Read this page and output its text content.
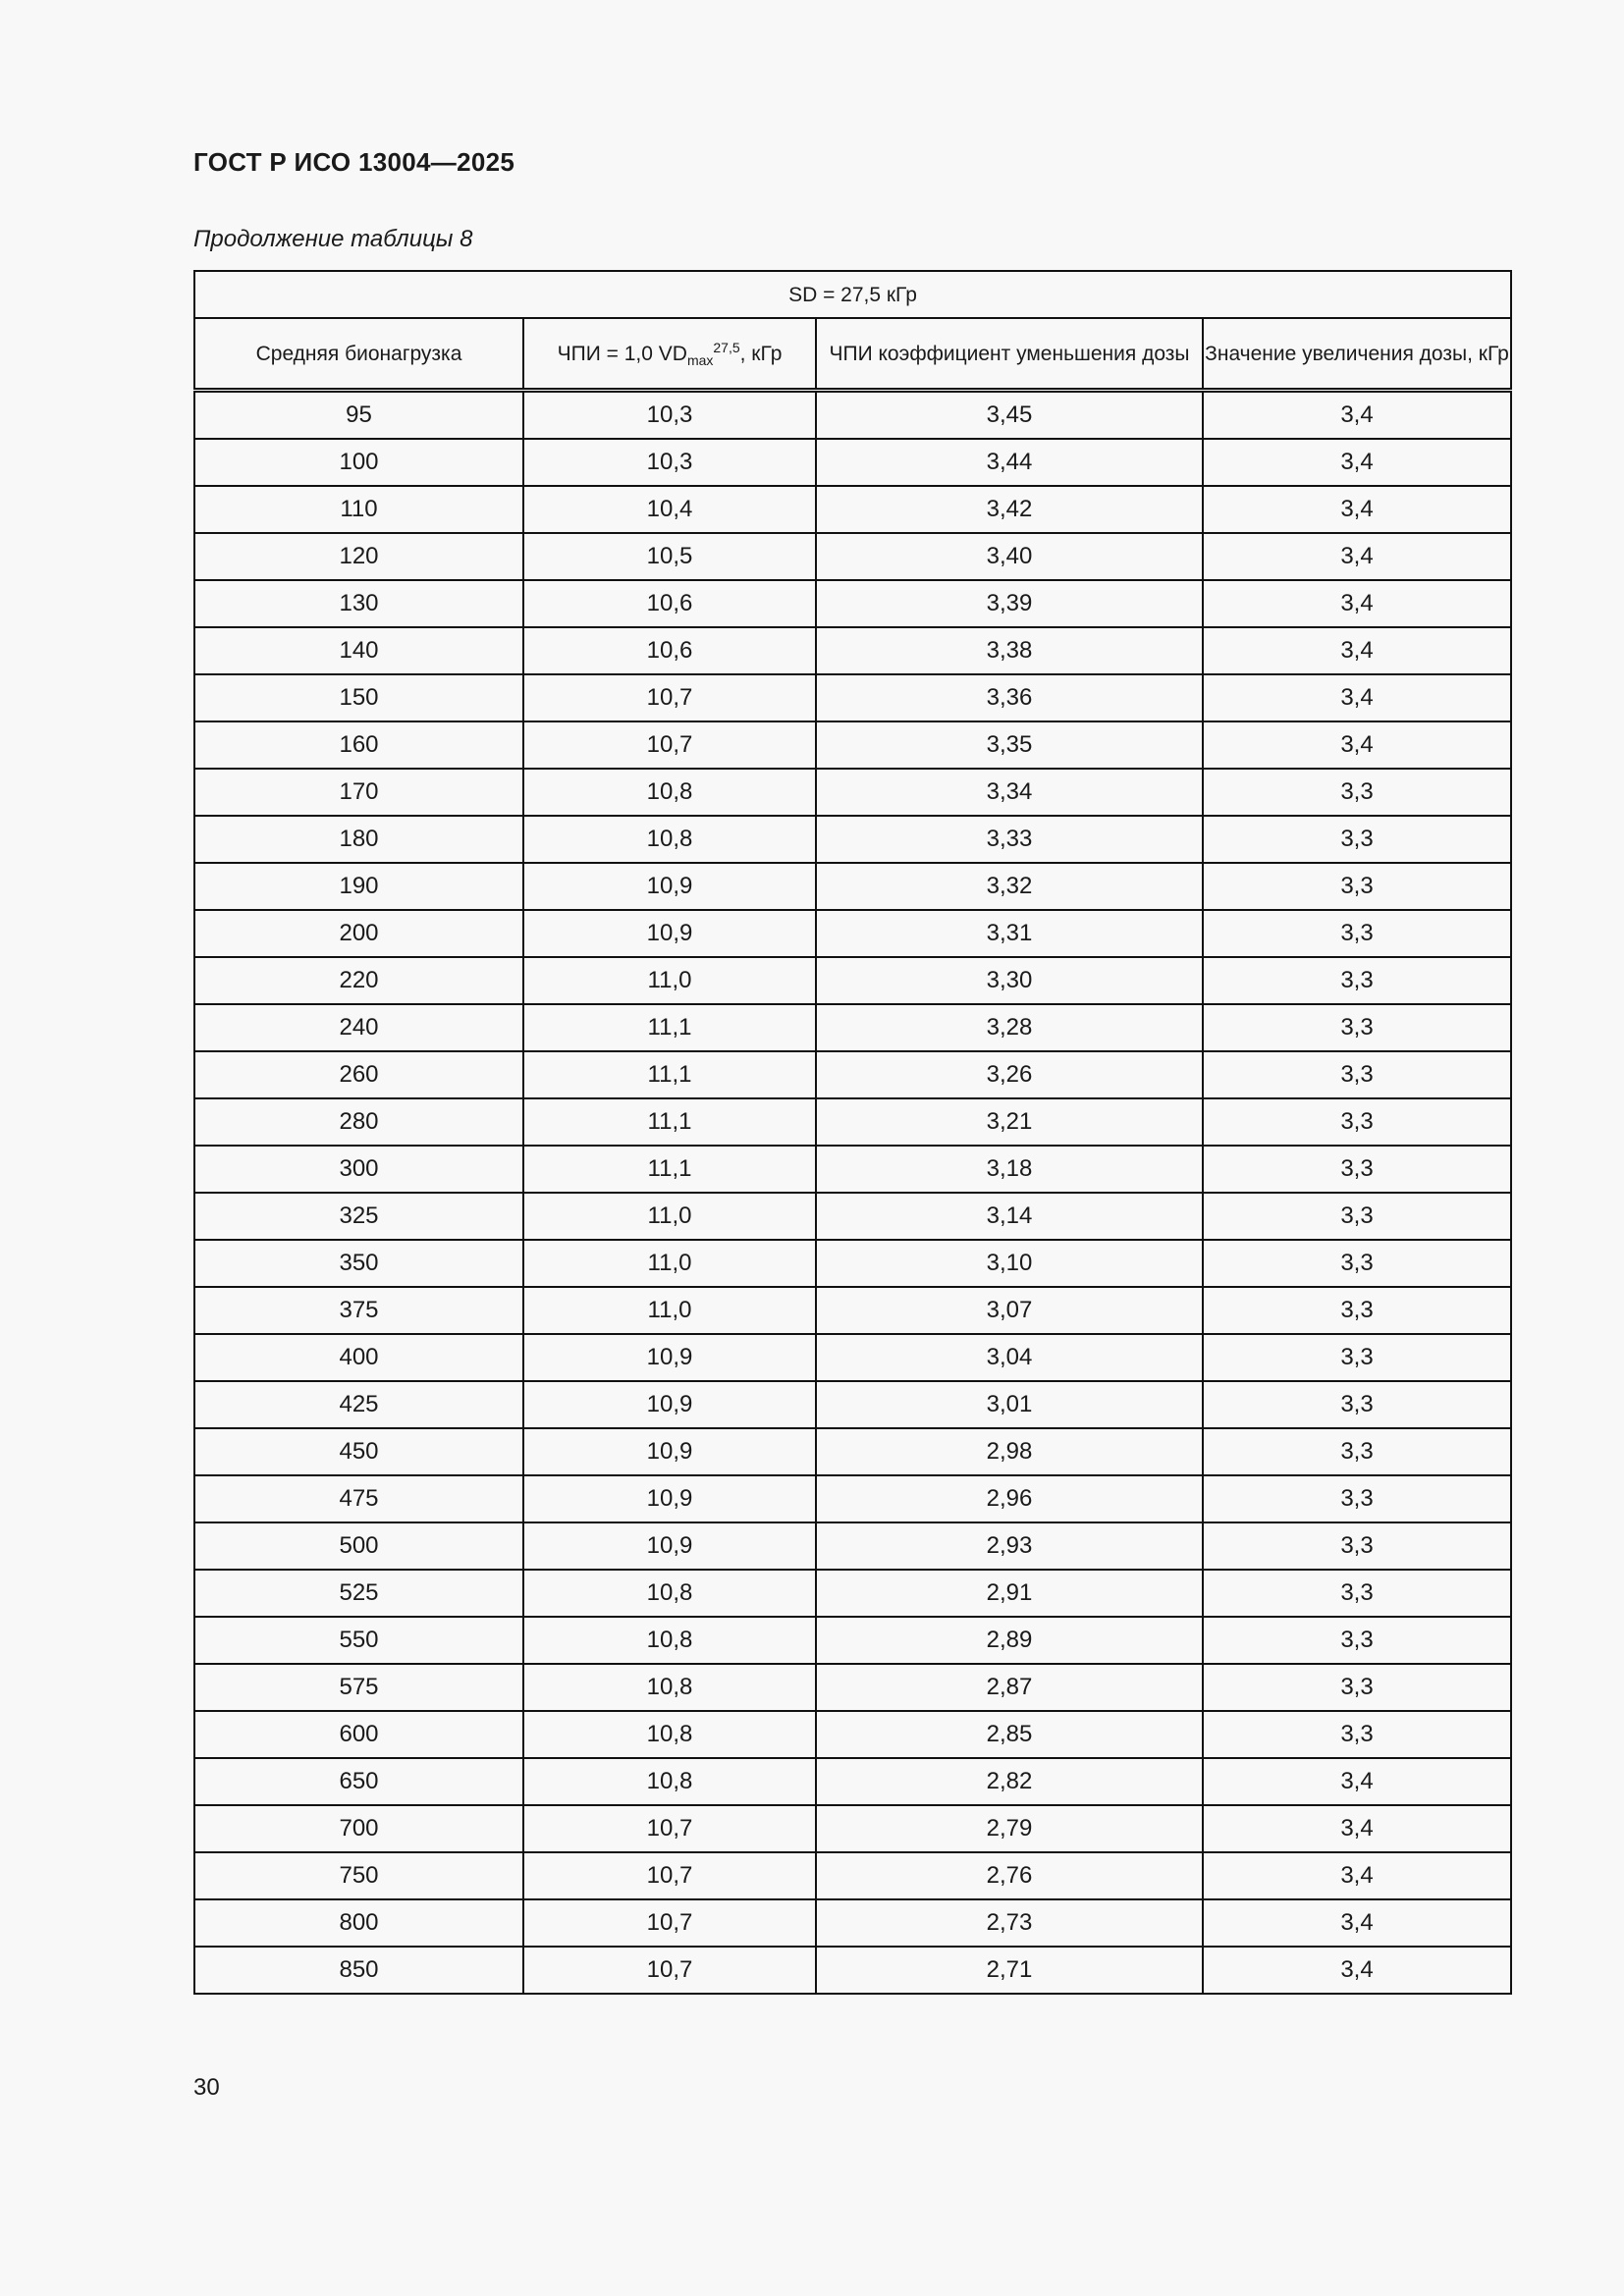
ГОСТ Р ИСО 13004—2025
Продолжение таблицы 8
SD = 27,5 кГр			
Средняя бионагрузка	ЧПИ = 1,0 $VD_{max}^{27,5}$, кГр	ЧПИ коэффициент уменьшения дозы	Значение увеличения дозы, кГр
95	10,3	3,45	3,4
100	10,3	3,44	3,4
110	10,4	3,42	3,4
120	10,5	3,40	3,4
130	10,6	3,39	3,4
140	10,6	3,38	3,4
150	10,7	3,36	3,4
160	10,7	3,35	3,4
170	10,8	3,34	3,3
180	10,8	3,33	3,3
190	10,9	3,32	3,3
200	10,9	3,31	3,3
220	11,0	3,30	3,3
240	11,1	3,28	3,3
260	11,1	3,26	3,3
280	11,1	3,21	3,3
300	11,1	3,18	3,3
325	11,0	3,14	3,3
350	11,0	3,10	3,3
375	11,0	3,07	3,3
400	10,9	3,04	3,3
425	10,9	3,01	3,3
450	10,9	2,98	3,3
475	10,9	2,96	3,3
500	10,9	2,93	3,3
525	10,8	2,91	3,3
550	10,8	2,89	3,3
575	10,8	2,87	3,3
600	10,8	2,85	3,3
650	10,8	2,82	3,4
700	10,7	2,79	3,4
750	10,7	2,76	3,4
800	10,7	2,73	3,4
850	10,7	2,71	3,4
30
